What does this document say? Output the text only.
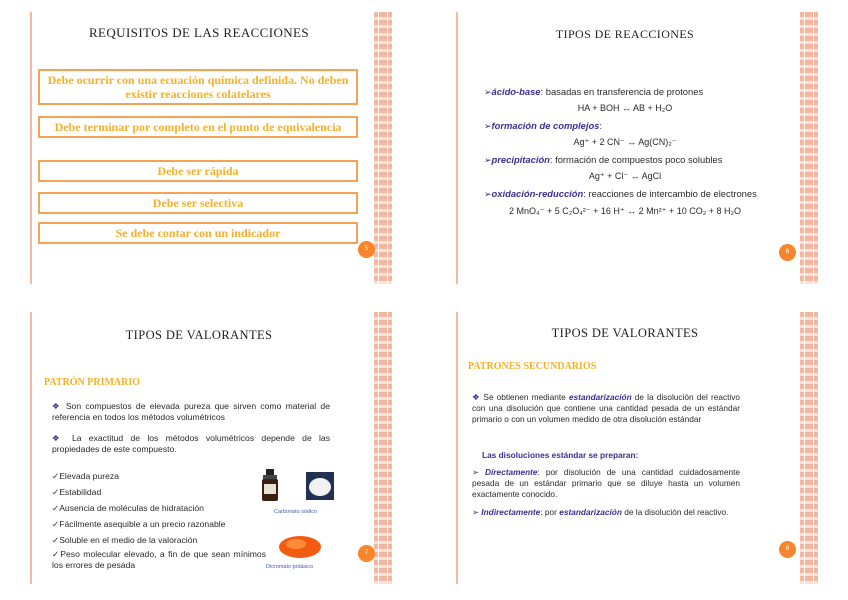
REQUISITOS DE LAS REACCIONES
Debe ocurrir con una ecuación química definida. No deben existir reacciones colatelares
Debe terminar por completo en el punto de equivalencia
Debe ser rápida
Debe ser selectiva
Se debe contar con un indicador
5
TIPOS DE REACCIONES
➢ácido-base: basadas en transferencia de protones
HA + BOH ↔ AB + H₂O
➢formación de complejos:
Ag⁺ + 2 CN⁻ ↔ Ag(CN)₂⁻
➢precipitación: formación de compuestos poco solubles
Ag⁺ + Cl⁻ ↔ AgCl
➢oxidación-reducción: reacciones de intercambio de electrones
2 MnO₄⁻ + 5 C₂O₄²⁻ + 16 H⁺ ↔ 2 Mn²⁺ + 10 CO₂ + 8 H₂O
6
TIPOS DE VALORANTES
PATRÓN PRIMARIO
❖ Son compuestos de elevada pureza que sirven como material de referencia en todos los métodos volumétricos
❖ La exactitud de los métodos volumétricos depende de las propiedades de este compuesto.
✓Elevada pureza
✓Estabilidad
✓Ausencia de moléculas de hidratación
✓Fácilmente asequible a un precio razonable
✓Soluble en el medio de la valoración
✓Peso molecular elevado, a fin de que sean mínimos los errores de pesada
Carbonato sódico
Dicromato potásico
7
TIPOS DE VALORANTES
PATRONES SECUNDARIOS
❖ Se obtienen mediante estandarización de la disolución del reactivo con una disolución que contiene una cantidad pesada de un estándar primario o con un volumen medido de otra disolución estándar
Las disoluciones estándar se preparan:
➢ Directamente: por disolución de una cantidad cuidadosamente pesada de un estándar primario que se diluye hasta un volumen exactamente conocido.
➢ Indirectamente: por estandarización de la disolución del reactivo.
8
